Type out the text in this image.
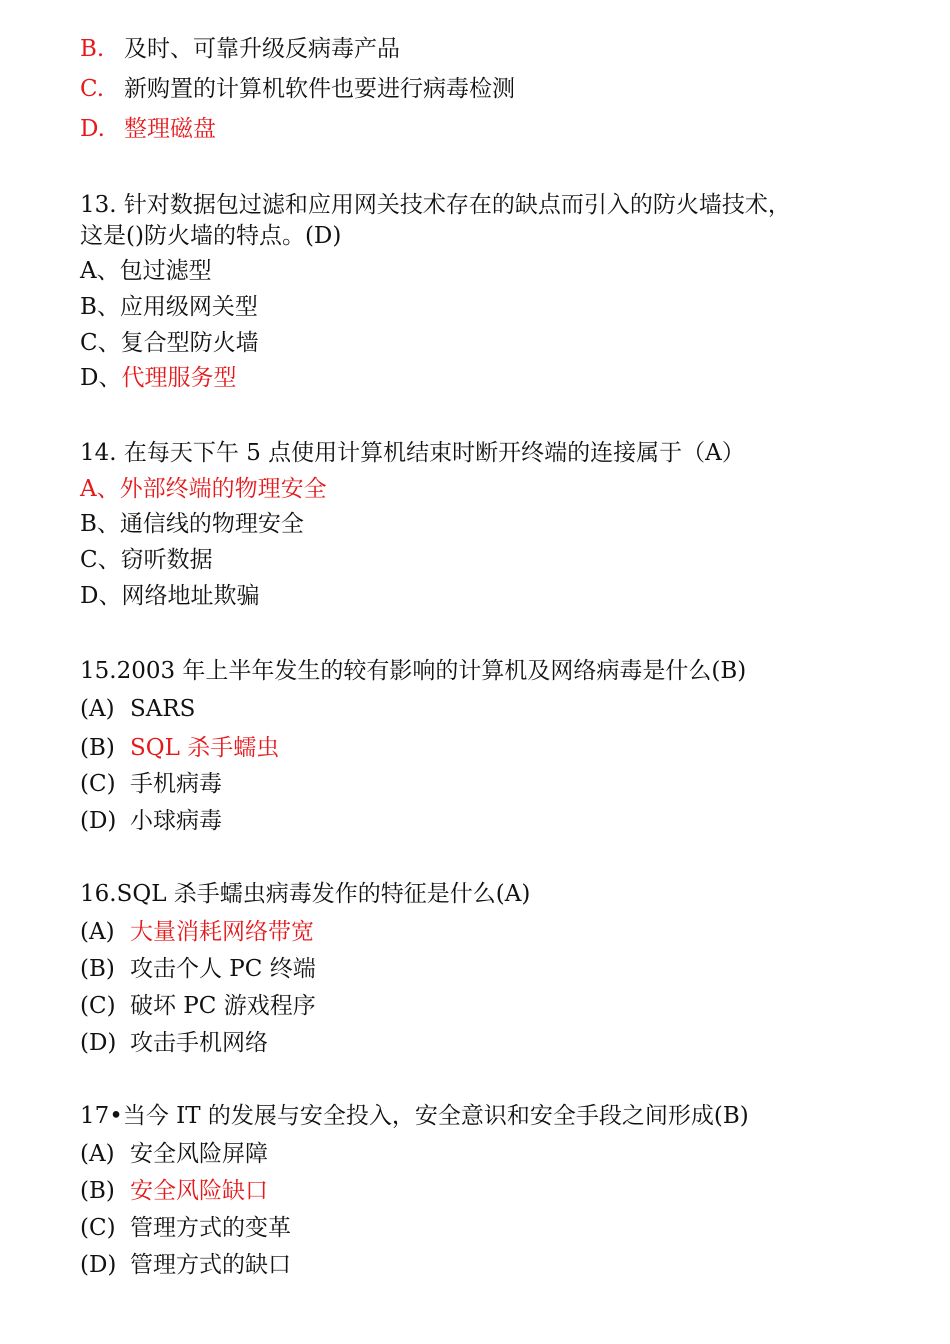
B. 及时、可靠升级反病毒产品
C. 新购置的计算机软件也要进行病毒检测
D. 整理磁盘
13. 针对数据包过滤和应用网关技术存在的缺点而引入的防火墙技术，
这是()防火墙的特点。(D)
A、包过滤型
B、应用级网关型
C、复合型防火墙
D、代理服务型
14. 在每天下午 5 点使用计算机结束时断开终端的连接属于（A）
A、外部终端的物理安全
B、通信线的物理安全
C、窃听数据
D、网络地址欺骗
15.2003 年上半年发生的较有影响的计算机及网络病毒是什么(B)
(A) SARS
(B) SQL 杀手蠕虫
(C) 手机病毒
(D) 小球病毒
16.SQL 杀手蠕虫病毒发作的特征是什么(A)
(A) 大量消耗网络带宽
(B) 攻击个人 PC 终端
(C) 破坏 PC 游戏程序
(D) 攻击手机网络
17•当今 IT 的发展与安全投入，安全意识和安全手段之间形成(B)
(A) 安全风险屏障
(B) 安全风险缺口
(C) 管理方式的变革
(D) 管理方式的缺口
